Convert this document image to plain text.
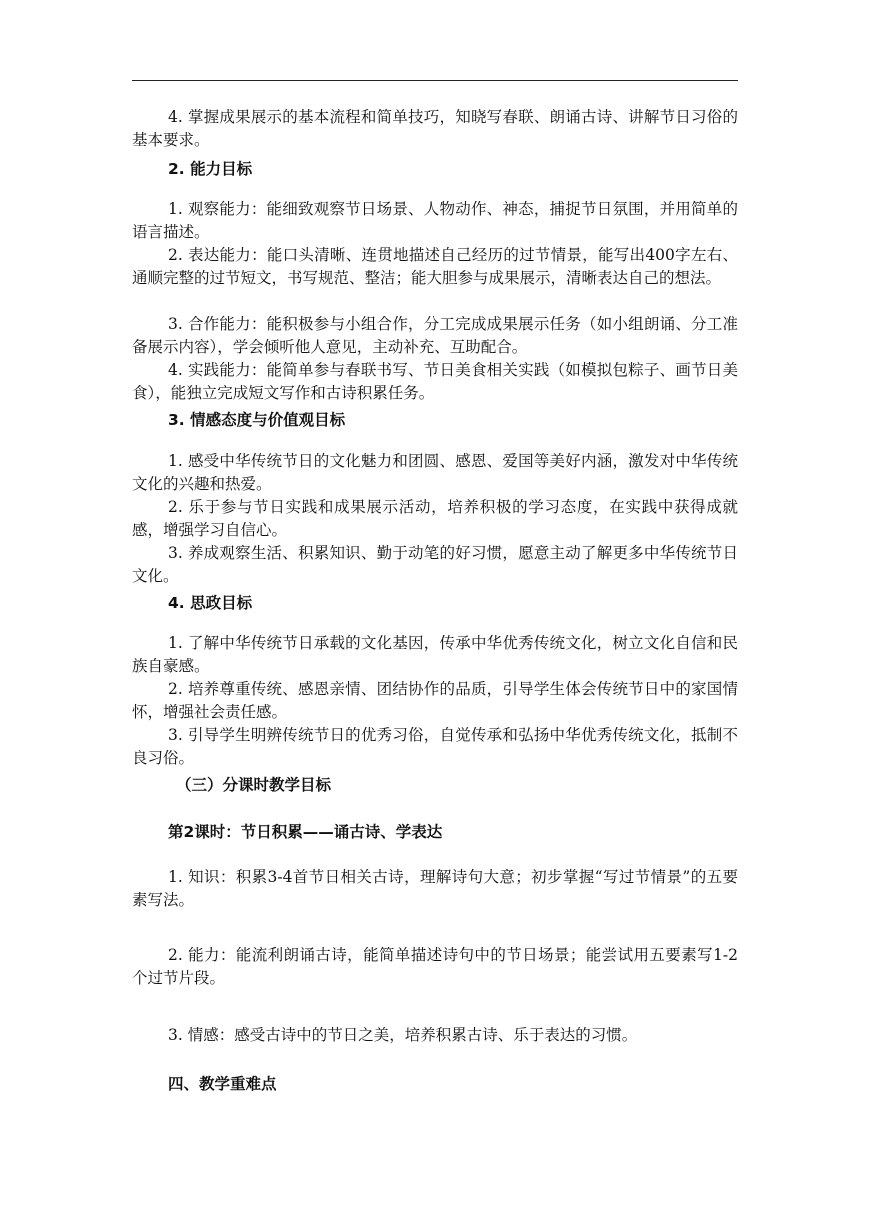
4. 掌握成果展示的基本流程和简单技巧，知晓写春联、朗诵古诗、讲解节日习俗的基本要求。

2. 能力目标

1. 观察能力：能细致观察节日场景、人物动作、神态，捕捉节日氛围，并用简单的语言描述。

2. 表达能力：能口头清晰、连贯地描述自己经历的过节情景，能写出400字左右、通顺完整的过节短文，书写规范、整洁；能大胆参与成果展示，清晰表达自己的想法。

3. 合作能力：能积极参与小组合作，分工完成成果展示任务（如小组朗诵、分工准备展示内容），学会倾听他人意见，主动补充、互助配合。

4. 实践能力：能简单参与春联书写、节日美食相关实践（如模拟包粽子、画节日美食），能独立完成短文写作和古诗积累任务。

3. 情感态度与价值观目标

1. 感受中华传统节日的文化魅力和团圆、感恩、爱国等美好内涵，激发对中华传统文化的兴趣和热爱。

2. 乐于参与节日实践和成果展示活动，培养积极的学习态度，在实践中获得成就感，增强学习自信心。

3. 养成观察生活、积累知识、勤于动笔的好习惯，愿意主动了解更多中华传统节日文化。

4. 思政目标

1. 了解中华传统节日承载的文化基因，传承中华优秀传统文化，树立文化自信和民族自豪感。

2. 培养尊重传统、感恩亲情、团结协作的品质，引导学生体会传统节日中的家国情怀，增强社会责任感。

3. 引导学生明辨传统节日的优秀习俗，自觉传承和弘扬中华优秀传统文化，抵制不良习俗。

（三）分课时教学目标

第2课时：节日积累——诵古诗、学表达

1. 知识：积累3-4首节日相关古诗，理解诗句大意；初步掌握“写过节情景”的五要素写法。

2. 能力：能流利朗诵古诗，能简单描述诗句中的节日场景；能尝试用五要素写1-2个过节片段。

3. 情感：感受古诗中的节日之美，培养积累古诗、乐于表达的习惯。

四、教学重难点
